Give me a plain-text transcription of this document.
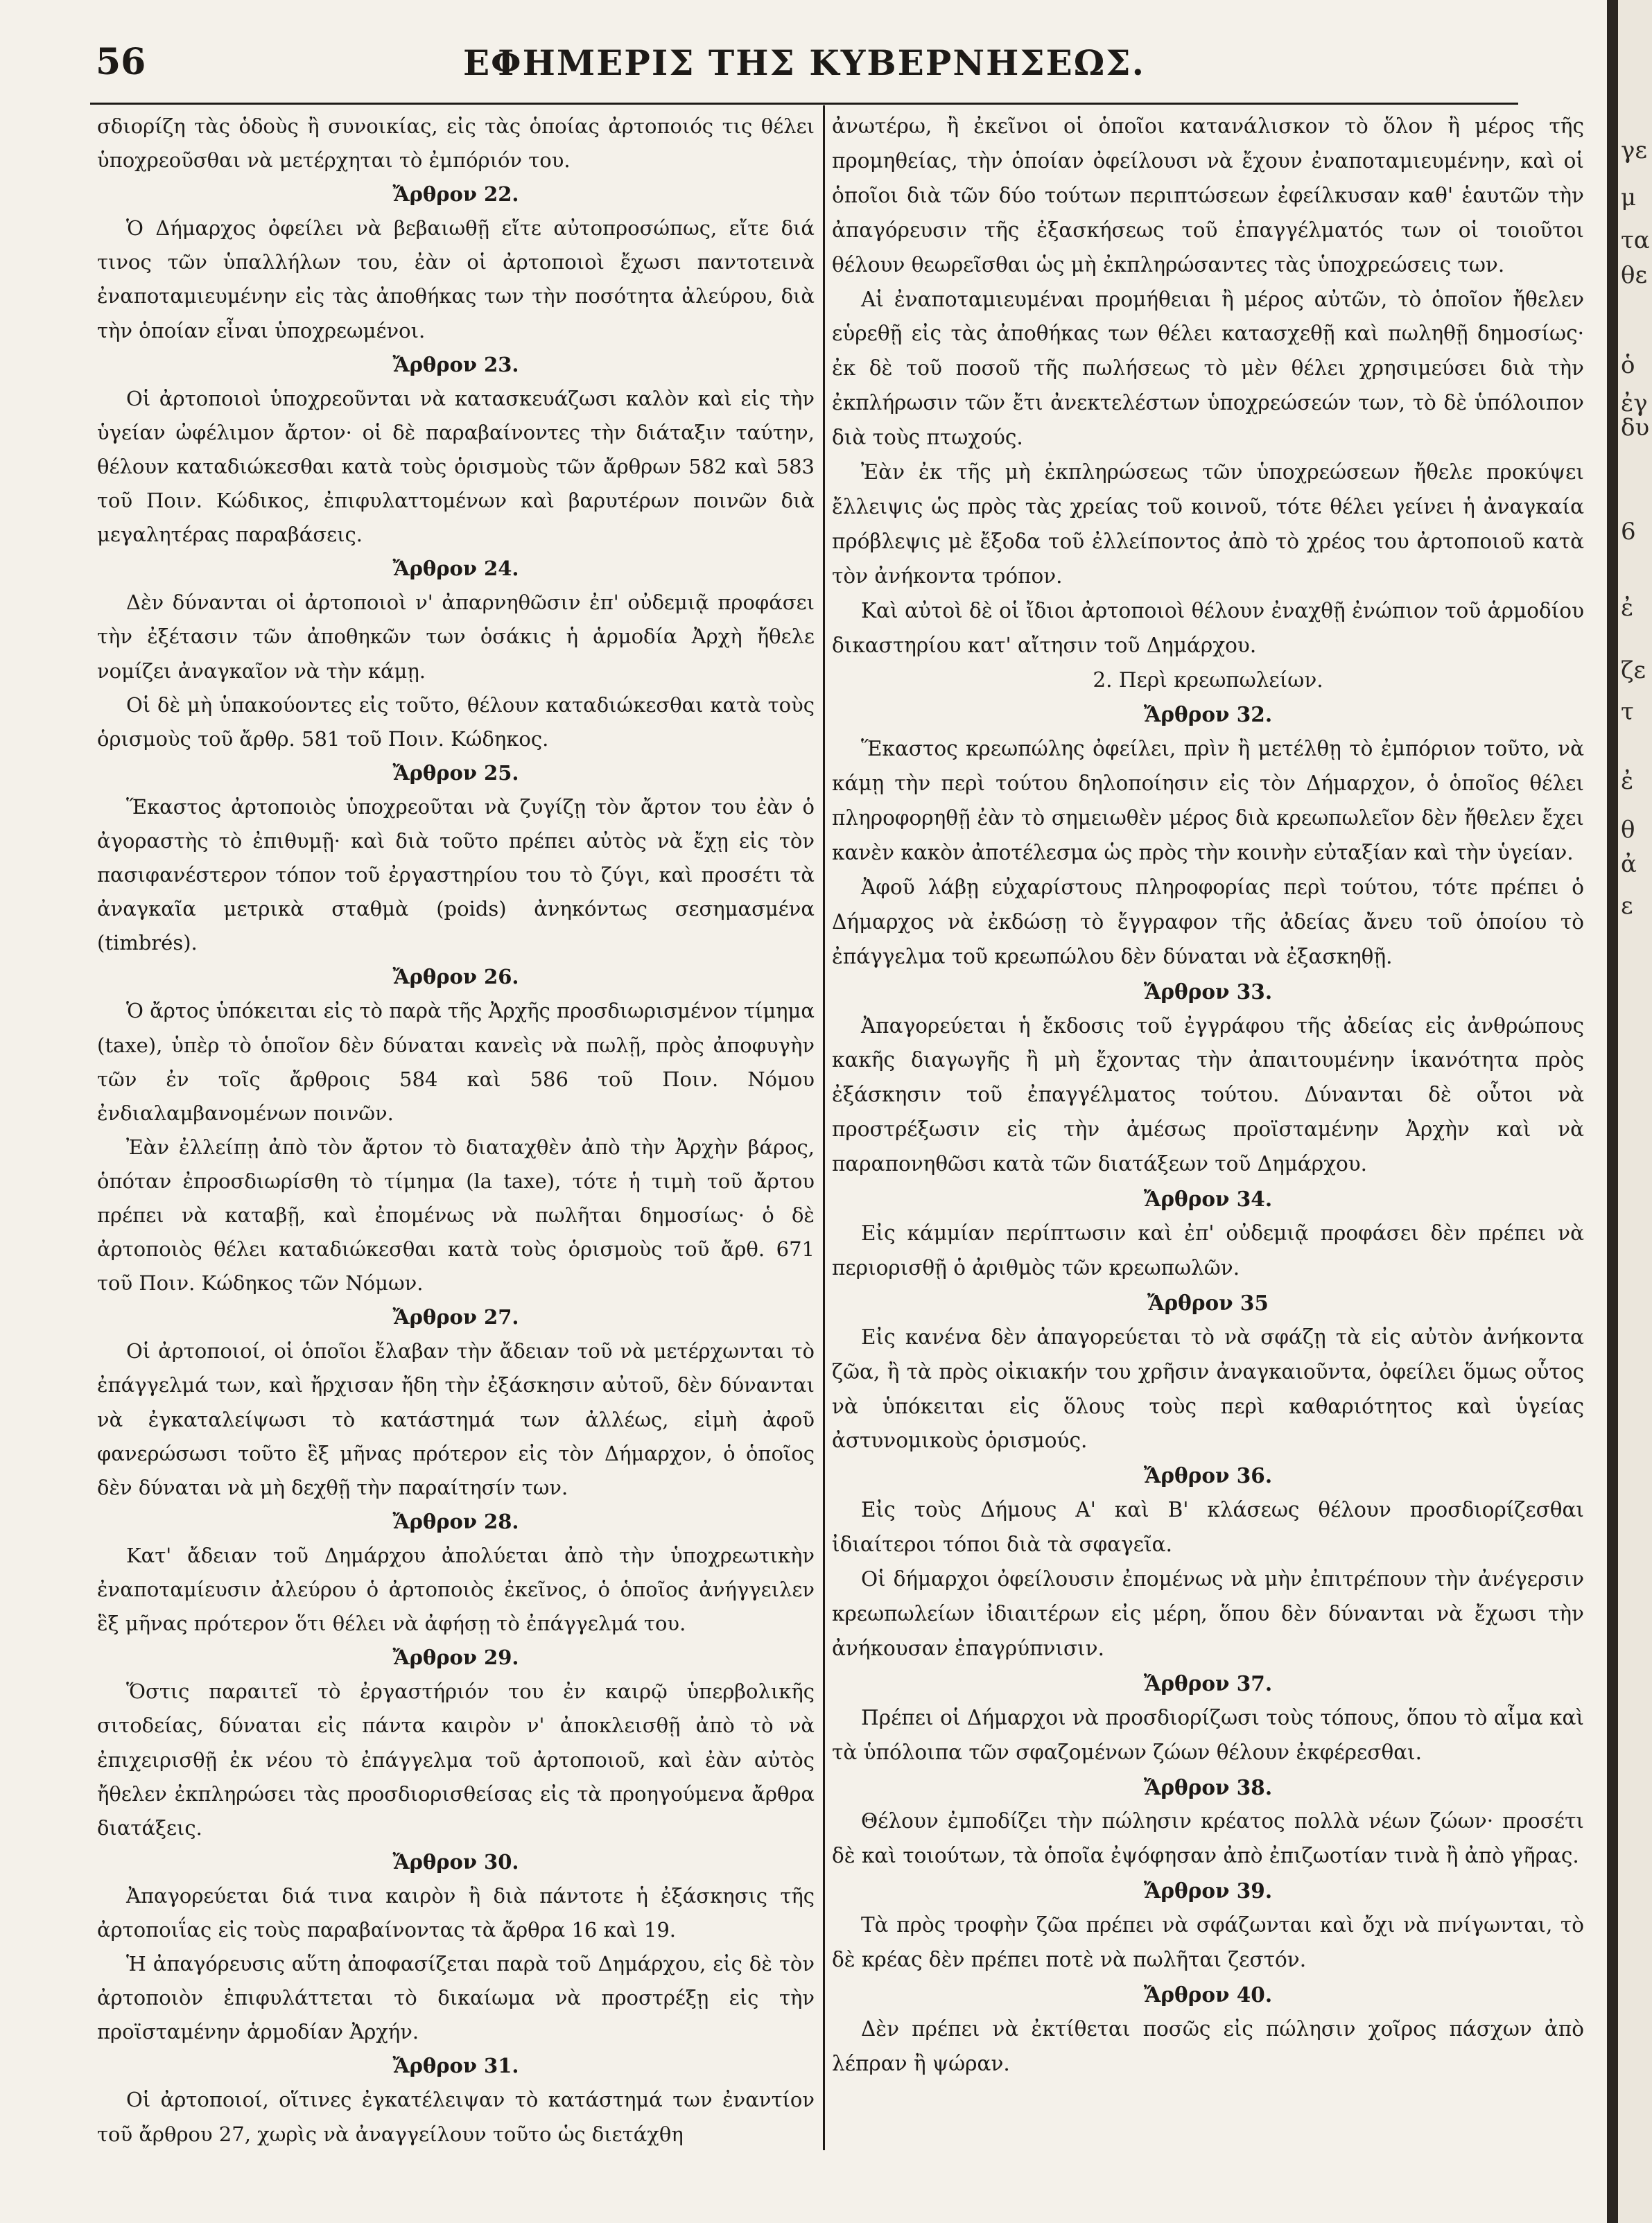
56	ΕΦΗΜΕΡΙΣ ΤΗΣ ΚΥΒΕΡΝΗΣΕΩΣ.

σδιορίζη τὰς ὁδοὺς ἢ συνοικίας, εἰς τὰς ὁποίας ἀρτοποιός τις θέλει ὑποχρεοῦσθαι νὰ μετέρχηται τὸ ἐμπόριόν του.

Ἄρθρον 22.

Ὁ Δήμαρχος ὀφείλει νὰ βεβαιωθῇ εἴτε αὐτοπροσώπως, εἴτε διά τινος τῶν ὑπαλλήλων του, ἐὰν οἱ ἀρτοποιοὶ ἔχωσι παντοτεινὰ ἐναποταμιευμένην εἰς τὰς ἀποθήκας των τὴν ποσότητα ἀλεύρου, διὰ τὴν ὁποίαν εἶναι ὑποχρεωμένοι.

Ἄρθρον 23.

Οἱ ἀρτοποιοὶ ὑποχρεοῦνται νὰ κατασκευάζωσι καλὸν καὶ εἰς τὴν ὑγείαν ὠφέλιμον ἄρτον· οἱ δὲ παραβαίνοντες τὴν διάταξιν ταύτην, θέλουν καταδιώκεσθαι κατὰ τοὺς ὁρισμοὺς τῶν ἄρθρων 582 καὶ 583 τοῦ Ποιν. Κώδικος, ἐπιφυλαττομένων καὶ βαρυτέρων ποινῶν διὰ μεγαλητέρας παραβάσεις.

Ἄρθρον 24.

Δὲν δύνανται οἱ ἀρτοποιοὶ ν' ἀπαρνηθῶσιν ἐπ' οὐδεμιᾷ προφάσει τὴν ἐξέτασιν τῶν ἀποθηκῶν των ὁσάκις ἡ ἁρμοδία Ἀρχὴ ἤθελε νομίζει ἀναγκαῖον νὰ τὴν κάμῃ.

Οἱ δὲ μὴ ὑπακούοντες εἰς τοῦτο, θέλουν καταδιώκεσθαι κατὰ τοὺς ὁρισμοὺς τοῦ ἄρθρ. 581 τοῦ Ποιν. Κώδηκος.

Ἄρθρον 25.

Ἕκαστος ἀρτοποιὸς ὑποχρεοῦται νὰ ζυγίζῃ τὸν ἄρτον του ἐὰν ὁ ἀγοραστὴς τὸ ἐπιθυμῇ· καὶ διὰ τοῦτο πρέπει αὐτὸς νὰ ἔχῃ εἰς τὸν πασιφανέστερον τόπον τοῦ ἐργαστηρίου του τὸ ζύγι, καὶ προσέτι τὰ ἀναγκαῖα μετρικὰ σταθμὰ (poids) ἀνηκόντως σεσημασμένα (timbrés).

Ἄρθρον 26.

Ὁ ἄρτος ὑπόκειται εἰς τὸ παρὰ τῆς Ἀρχῆς προσδιωρισμένον τίμημα (taxe), ὑπὲρ τὸ ὁποῖον δὲν δύναται κανεὶς νὰ πωλῇ, πρὸς ἀποφυγὴν τῶν ἐν τοῖς ἄρθροις 584 καὶ 586 τοῦ Ποιν. Νόμου ἐνδιαλαμβανομένων ποινῶν.

Ἐὰν ἐλλείπῃ ἀπὸ τὸν ἄρτον τὸ διαταχθὲν ἀπὸ τὴν Ἀρχὴν βάρος, ὁπόταν ἐπροσδιωρίσθη τὸ τίμημα (la taxe), τότε ἡ τιμὴ τοῦ ἄρτου πρέπει νὰ καταβῇ, καὶ ἐπομένως νὰ πωλῆται δημοσίως· ὁ δὲ ἀρτοποιὸς θέλει καταδιώκεσθαι κατὰ τοὺς ὁρισμοὺς τοῦ ἄρθ. 671 τοῦ Ποιν. Κώδηκος τῶν Νόμων.

Ἄρθρον 27.

Οἱ ἀρτοποιοί, οἱ ὁποῖοι ἔλαβαν τὴν ἄδειαν τοῦ νὰ μετέρχωνται τὸ ἐπάγγελμά των, καὶ ἤρχισαν ἤδη τὴν ἐξάσκησιν αὐτοῦ, δὲν δύνανται νὰ ἐγκαταλείψωσι τὸ κατάστημά των ἀλλέως, εἰμὴ ἀφοῦ φανερώσωσι τοῦτο ἓξ μῆνας πρότερον εἰς τὸν Δήμαρχον, ὁ ὁποῖος δὲν δύναται νὰ μὴ δεχθῇ τὴν παραίτησίν των.

Ἄρθρον 28.

Κατ' ἄδειαν τοῦ Δημάρχου ἀπολύεται ἀπὸ τὴν ὑποχρεωτικὴν ἐναποταμίευσιν ἀλεύρου ὁ ἀρτοποιὸς ἐκεῖνος, ὁ ὁποῖος ἀνήγγειλεν ἓξ μῆνας πρότερον ὅτι θέλει νὰ ἀφήσῃ τὸ ἐπάγγελμά του.

Ἄρθρον 29.

Ὅστις παραιτεῖ τὸ ἐργαστήριόν του ἐν καιρῷ ὑπερβολικῆς σιτοδείας, δύναται εἰς πάντα καιρὸν ν' ἀποκλεισθῇ ἀπὸ τὸ νὰ ἐπιχειρισθῇ ἐκ νέου τὸ ἐπάγγελμα τοῦ ἀρτοποιοῦ, καὶ ἐὰν αὐτὸς ἤθελεν ἐκπληρώσει τὰς προσδιορισθείσας εἰς τὰ προηγούμενα ἄρθρα διατάξεις.

Ἄρθρον 30.

Ἀπαγορεύεται διά τινα καιρὸν ἢ διὰ πάντοτε ἡ ἐξάσκησις τῆς ἀρτοποιΐας εἰς τοὺς παραβαίνοντας τὰ ἄρθρα 16 καὶ 19.

Ἡ ἀπαγόρευσις αὕτη ἀποφασίζεται παρὰ τοῦ Δημάρχου, εἰς δὲ τὸν ἀρτοποιὸν ἐπιφυλάττεται τὸ δικαίωμα νὰ προστρέξῃ εἰς τὴν προϊσταμένην ἁρμοδίαν Ἀρχήν.

Ἄρθρον 31.

Οἱ ἀρτοποιοί, οἵτινες ἐγκατέλειψαν τὸ κατάστημά των ἐναντίον τοῦ ἄρθρου 27, χωρὶς νὰ ἀναγγείλουν τοῦτο ὡς διετάχθη

ἀνωτέρω, ἢ ἐκεῖνοι οἱ ὁποῖοι κατανάλισκον τὸ ὅλον ἢ μέρος τῆς προμηθείας, τὴν ὁποίαν ὀφείλουσι νὰ ἔχουν ἐναποταμιευμένην, καὶ οἱ ὁποῖοι διὰ τῶν δύο τούτων περιπτώσεων ἐφείλκυσαν καθ' ἑαυτῶν τὴν ἀπαγόρευσιν τῆς ἐξασκήσεως τοῦ ἐπαγγέλματός των οἱ τοιοῦτοι θέλουν θεωρεῖσθαι ὡς μὴ ἐκπληρώσαντες τὰς ὑποχρεώσεις των.

Αἱ ἐναποταμιευμέναι προμήθειαι ἢ μέρος αὐτῶν, τὸ ὁποῖον ἤθελεν εὑρεθῇ εἰς τὰς ἀποθήκας των θέλει κατασχεθῇ καὶ πωληθῇ δημοσίως· ἐκ δὲ τοῦ ποσοῦ τῆς πωλήσεως τὸ μὲν θέλει χρησιμεύσει διὰ τὴν ἐκπλήρωσιν τῶν ἔτι ἀνεκτελέστων ὑποχρεώσεών των, τὸ δὲ ὑπόλοιπον διὰ τοὺς πτωχούς.

Ἐὰν ἐκ τῆς μὴ ἐκπληρώσεως τῶν ὑποχρεώσεων ἤθελε προκύψει ἔλλειψις ὡς πρὸς τὰς χρείας τοῦ κοινοῦ, τότε θέλει γείνει ἡ ἀναγκαία πρόβλεψις μὲ ἔξοδα τοῦ ἐλλείποντος ἀπὸ τὸ χρέος του ἀρτοποιοῦ κατὰ τὸν ἀνήκοντα τρόπον.

Καὶ αὐτοὶ δὲ οἱ ἴδιοι ἀρτοποιοὶ θέλουν ἐναχθῇ ἐνώπιον τοῦ ἁρμοδίου δικαστηρίου κατ' αἴτησιν τοῦ Δημάρχου.

2. Περὶ κρεωπωλείων.

Ἄρθρον 32.

Ἕκαστος κρεωπώλης ὀφείλει, πρὶν ἢ μετέλθῃ τὸ ἐμπόριον τοῦτο, νὰ κάμῃ τὴν περὶ τούτου δηλοποίησιν εἰς τὸν Δήμαρχον, ὁ ὁποῖος θέλει πληροφορηθῇ ἐὰν τὸ σημειωθὲν μέρος διὰ κρεωπωλεῖον δὲν ἤθελεν ἔχει κανὲν κακὸν ἀποτέλεσμα ὡς πρὸς τὴν κοινὴν εὐταξίαν καὶ τὴν ὑγείαν.

Ἀφοῦ λάβῃ εὐχαρίστους πληροφορίας περὶ τούτου, τότε πρέπει ὁ Δήμαρχος νὰ ἐκδώσῃ τὸ ἔγγραφον τῆς ἀδείας ἄνευ τοῦ ὁποίου τὸ ἐπάγγελμα τοῦ κρεωπώλου δὲν δύναται νὰ ἐξασκηθῇ.

Ἄρθρον 33.

Ἀπαγορεύεται ἡ ἔκδοσις τοῦ ἐγγράφου τῆς ἀδείας εἰς ἀνθρώπους κακῆς διαγωγῆς ἢ μὴ ἔχοντας τὴν ἀπαιτουμένην ἱκανότητα πρὸς ἐξάσκησιν τοῦ ἐπαγγέλματος τούτου. Δύνανται δὲ οὗτοι νὰ προστρέξωσιν εἰς τὴν ἀμέσως προϊσταμένην Ἀρχὴν καὶ νὰ παραπονηθῶσι κατὰ τῶν διατάξεων τοῦ Δημάρχου.

Ἄρθρον 34.

Εἰς κάμμίαν περίπτωσιν καὶ ἐπ' οὐδεμιᾷ προφάσει δὲν πρέπει νὰ περιορισθῇ ὁ ἀριθμὸς τῶν κρεωπωλῶν.

Ἄρθρον 35

Εἰς κανένα δὲν ἀπαγορεύεται τὸ νὰ σφάζῃ τὰ εἰς αὐτὸν ἀνήκοντα ζῶα, ἢ τὰ πρὸς οἰκιακήν του χρῆσιν ἀναγκαιοῦντα, ὀφείλει ὅμως οὗτος νὰ ὑπόκειται εἰς ὅλους τοὺς περὶ καθαριότητος καὶ ὑγείας ἀστυνομικοὺς ὁρισμούς.

Ἄρθρον 36.

Εἰς τοὺς Δήμους Α' καὶ Β' κλάσεως θέλουν προσδιορίζεσθαι ἰδιαίτεροι τόποι διὰ τὰ σφαγεῖα.

Οἱ δήμαρχοι ὀφείλουσιν ἐπομένως νὰ μὴν ἐπιτρέπουν τὴν ἀνέγερσιν κρεωπωλείων ἰδιαιτέρων εἰς μέρη, ὅπου δὲν δύνανται νὰ ἔχωσι τὴν ἀνήκουσαν ἐπαγρύπνισιν.

Ἄρθρον 37.

Πρέπει οἱ Δήμαρχοι νὰ προσδιορίζωσι τοὺς τόπους, ὅπου τὸ αἷμα καὶ τὰ ὑπόλοιπα τῶν σφαζομένων ζώων θέλουν ἐκφέρεσθαι.

Ἄρθρον 38.

Θέλουν ἐμποδίζει τὴν πώλησιν κρέατος πολλὰ νέων ζώων· προσέτι δὲ καὶ τοιούτων, τὰ ὁποῖα ἐψόφησαν ἀπὸ ἐπιζωοτίαν τινὰ ἢ ἀπὸ γῆρας.

Ἄρθρον 39.

Τὰ πρὸς τροφὴν ζῶα πρέπει νὰ σφάζωνται καὶ ὄχι νὰ πνίγωνται, τὸ δὲ κρέας δὲν πρέπει ποτὲ νὰ πωλῆται ζεστόν.

Ἄρθρον 40.

Δὲν πρέπει νὰ ἐκτίθεται ποσῶς εἰς πώλησιν χοῖρος πάσχων ἀπὸ λέπραν ἢ ψώραν.

γε
μ
τα
θε
ὁ
ἐγ
δυ
6
ἐ
ζε
τ
ἐ
θ
ἀ
ε
